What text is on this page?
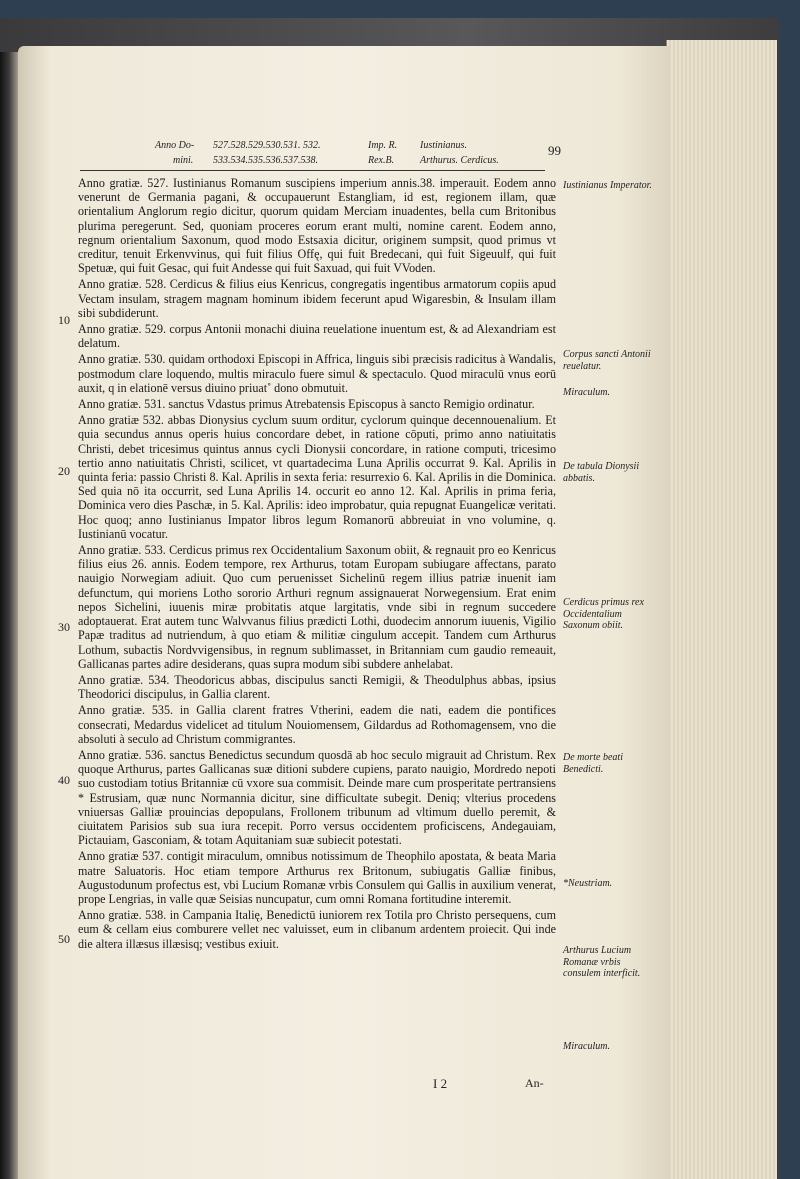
Anno Do-
mini.
527.528.529.530.531. 532.
533.534.535.536.537.538.
Imp. R.
Rex.B.
Iustinianus.
Arthurus. Cerdicus.
99

Anno gratiæ. 527. Iustinianus Romanum suscipiens imperium annis.38. imperauit. Eodem anno venerunt de Germania pagani, & occupauerunt Estangliam, id est, regionem illam, quæ orientalium Anglorum regio dicitur, quorum quidam Merciam inuadentes, bella cum Britonibus plurima peregerunt. Sed, quoniam proceres eorum erant multi, nomine carent. Eodem anno, regnum orientalium Saxonum, quod modo Estsaxia dicitur, originem sumpsit, quod primus vt creditur, tenuit Erkenvvinus, qui fuit filius Offę, qui fuit Bredecani, qui fuit Sigeuulf, qui fuit Spetuæ, qui fuit Gesac, qui fuit Andesse qui fuit Saxuad, qui fuit VVoden.

Anno gratiæ. 528. Cerdicus & filius eius Kenricus, congregatis ingentibus armatorum copiis apud Vectam insulam, stragem magnam hominum ibidem fecerunt apud Wigaresbin, & Insulam illam sibi subdiderunt.

Anno gratiæ. 529. corpus Antonii monachi diuina reuelatione inuentum est, & ad Alexandriam est delatum.

Anno gratiæ. 530. quidam orthodoxi Episcopi in Affrica, linguis sibi præcisis radicitus à Wandalis, postmodum clare loquendo, multis miraculo fuere simul & spectaculo. Quod miraculū vnus eorū auxit, q in elationē versus diuino priuat˚ dono obmutuit.

Anno gratiæ. 531. sanctus Vdastus primus Atrebatensis Episcopus à sancto Remigio ordinatur.

Anno gratiæ 532. abbas Dionysius cyclum suum orditur, cyclorum quinque decennouenalium. Et quia secundus annus operis huius concordare debet, in ratione cōputi, primo anno natiuitatis Christi, debet tricesimus quintus annus cycli Dionysii concordare, in ratione computi, tricesimo tertio anno natiuitatis Christi, scilicet, vt quartadecima Luna Aprilis occurrat 9. Kal. Aprilis in quinta feria: passio Christi 8. Kal. Aprilis in sexta feria: resurrexio 6. Kal. Aprilis in die Dominica. Sed quia nō ita occurrit, sed Luna Aprilis 14. occurit eo anno 12. Kal. Aprilis in prima feria, Dominica vero dies Paschæ, in 5. Kal. Aprilis: ideo improbatur, quia repugnat Euangelicæ veritati. Hoc quoq; anno Iustinianus Impator libros legum Romanorū abbreuiat in vno volumine, q. Iustinianū vocatur.

Anno gratiæ. 533. Cerdicus primus rex Occidentalium Saxonum obiit, & regnauit pro eo Kenricus filius eius 26. annis. Eodem tempore, rex Arthurus, totam Europam subiugare affectans, parato nauigio Norwegiam adiuit. Quo cum peruenisset Sichelinū regem illius patriæ inuenit iam defunctum, qui moriens Lotho sororio Arthuri regnum assignauerat Norwegensium. Erat enim nepos Sichelini, iuuenis miræ probitatis atque largitatis, vnde sibi in regnum succedere adoptauerat. Erat autem tunc Walvvanus filius prædicti Lothi, duodecim annorum iuuenis, Vigilio Papæ traditus ad nutriendum, à quo etiam & militiæ cingulum accepit. Tandem cum Arthurus Lothum, subactis Nordvvigensibus, in regnum sublimasset, in Britanniam cum gaudio remeauit, Gallicanas partes adire desiderans, quas supra modum sibi subdere anhelabat.

Anno gratiæ. 534. Theodoricus abbas, discipulus sancti Remigii, & Theodulphus abbas, ipsius Theodorici discipulus, in Gallia clarent.

Anno gratiæ. 535. in Gallia clarent fratres Vtherini, eadem die nati, eadem die pontifices consecrati, Medardus videlicet ad titulum Nouiomensem, Gildardus ad Rothomagensem, vno die absoluti à seculo ad Christum commigrantes.

Anno gratiæ. 536. sanctus Benedictus secundum quosdā ab hoc seculo migrauit ad Christum. Rex quoque Arthurus, partes Gallicanas suæ ditioni subdere cupiens, parato nauigio, Mordredo nepoti suo custodiam totius Britanniæ cū vxore sua commisit. Deinde mare cum prosperitate pertransiens * Estrusiam, quæ nunc Normannia dicitur, sine difficultate subegit. Deniq; vlterius procedens vniuersas Galliæ prouincias depopulans, Frollonem tribunum ad vltimum duello peremit, & ciuitatem Parisios sub sua iura recepit. Porro versus occidentem proficiscens, Andegauiam, Pictauiam, Gasconiam, & totam Aquitaniam suæ subiecit potestati.

Anno gratiæ 537. contigit miraculum, omnibus notissimum de Theophilo apostata, & beata Maria matre Saluatoris. Hoc etiam tempore Arthurus rex Britonum, subiugatis Galliæ finibus, Augustodunum profectus est, vbi Lucium Romanæ vrbis Consulem qui Gallis in auxilium venerat, prope Lengrias, in valle quæ Seisias nuncupatur, cum omni Romana fortitudine interemit.

Anno gratiæ. 538. in Campania Italię, Benedictū iuniorem rex Totila pro Christo persequens, cum eum & cellam eius comburere vellet nec valuisset, eum in clibanum ardentem proiecit. Qui inde die altera illæsus illæsisq; vestibus exiuit.

Iustinianus Imperator.
Corpus sancti Antonii reuelatur.
Miraculum.
De tabula Dionysii abbatis.
Cerdicus primus rex Occidentalium Saxonum obiit.
De morte beati Benedicti.
*Neustriam.
Arthurus Lucium Romanæ vrbis consulem interficit.
Miraculum.
10
20
30
40
50
I 2	An-
